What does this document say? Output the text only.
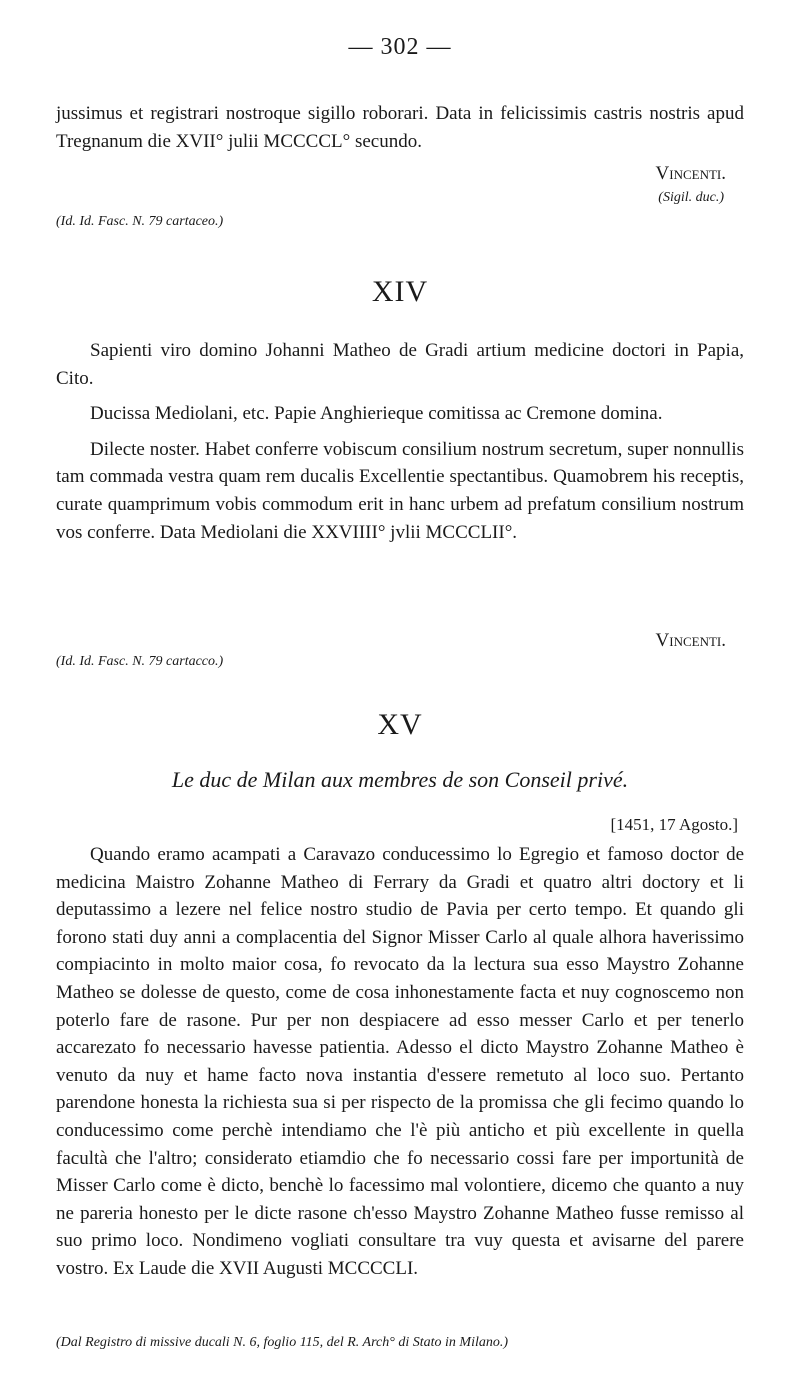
— 302 —

jussimus et registrari nostroque sigillo roborari. Data in felicissimis castris nostris apud Tregnanum die XVII° julii MCCCCL° secundo.

Vincenti.
(Sigil. duc.)
(Id. Id. Fasc. N. 79 cartaceo.)
XIV

Sapienti viro domino Johanni Matheo de Gradi artium medicine doctori in Papia, Cito.

Ducissa Mediolani, etc. Papie Anghierieque comitissa ac Cremone domina.

Dilecte noster. Habet conferre vobiscum consilium nostrum secretum, super nonnullis tam commada vestra quam rem ducalis Excellentie spectantibus. Quamobrem his receptis, curate quamprimum vobis commodum erit in hanc urbem ad prefatum consilium nostrum vos conferre. Data Mediolani die XXVIIII° jvlii MCCCLII°.

Vincenti.
(Id. Id. Fasc. N. 79 cartacco.)
XV
Le duc de Milan aux membres de son Conseil privé.
[1451, 17 Agosto.]

Quando eramo acampati a Caravazo conducessimo lo Egregio et famoso doctor de medicina Maistro Zohanne Matheo di Ferrary da Gradi et quatro altri doctory et li deputassimo a lezere nel felice nostro studio de Pavia per certo tempo. Et quando gli forono stati duy anni a complacentia del Signor Misser Carlo al quale alhora haverissimo compiacinto in molto maior cosa, fo revocato da la lectura sua esso Maystro Zohanne Matheo se dolesse de questo, come de cosa inhonestamente facta et nuy cognoscemo non poterlo fare de rasone. Pur per non despiacere ad esso messer Carlo et per tenerlo accarezato fo necessario havesse patientia. Adesso el dicto Maystro Zohanne Matheo è venuto da nuy et hame facto nova instantia d'essere remetuto al loco suo. Pertanto parendone honesta la richiesta sua si per rispecto de la promissa che gli fecimo quando lo conducessimo come perchè intendiamo che l'è più anticho et più excellente in quella facultà che l'altro; considerato etiamdio che fo necessario cossi fare per importunità de Misser Carlo come è dicto, benchè lo facessimo mal volontiere, dicemo che quanto a nuy ne pareria honesto per le dicte rasone ch'esso Maystro Zohanne Matheo fusse remisso al suo primo loco. Nondimeno vogliati consultare tra vuy questa et avisarne del parere vostro. Ex Laude die XVII Augusti MCCCCLI.

(Dal Registro di missive ducali N. 6, foglio 115, del R. Arch° di Stato in Milano.)
